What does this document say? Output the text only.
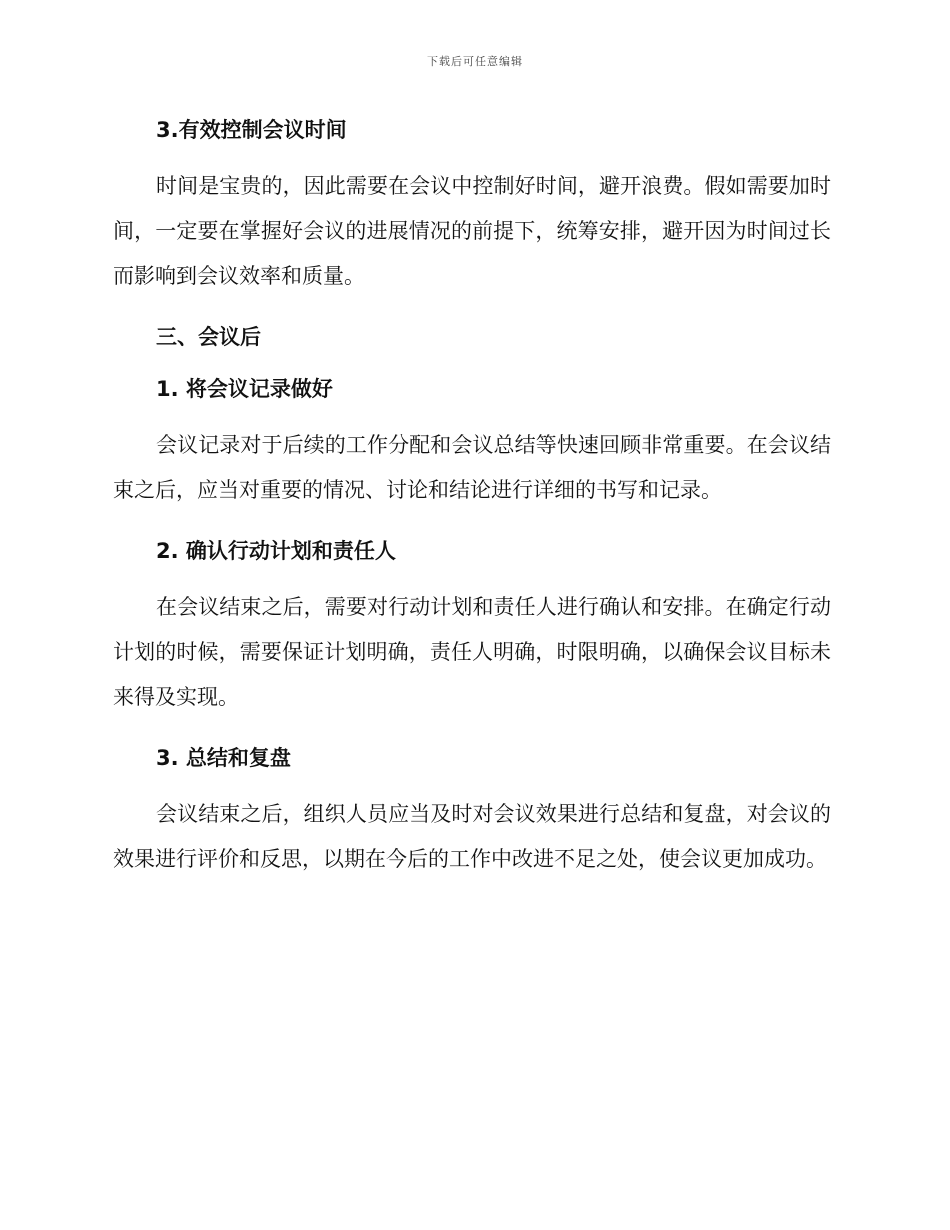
下载后可任意编辑
3.有效控制会议时间

时间是宝贵的，因此需要在会议中控制好时间，避开浪费。假如需要加时间，一定要在掌握好会议的进展情况的前提下，统筹安排，避开因为时间过长而影响到会议效率和质量。

三、会议后
1. 将会议记录做好

会议记录对于后续的工作分配和会议总结等快速回顾非常重要。在会议结束之后，应当对重要的情况、讨论和结论进行详细的书写和记录。

2. 确认行动计划和责任人

在会议结束之后，需要对行动计划和责任人进行确认和安排。在确定行动计划的时候，需要保证计划明确，责任人明确，时限明确，以确保会议目标未来得及实现。

3. 总结和复盘

会议结束之后，组织人员应当及时对会议效果进行总结和复盘，对会议的效果进行评价和反思，以期在今后的工作中改进不足之处，使会议更加成功。
